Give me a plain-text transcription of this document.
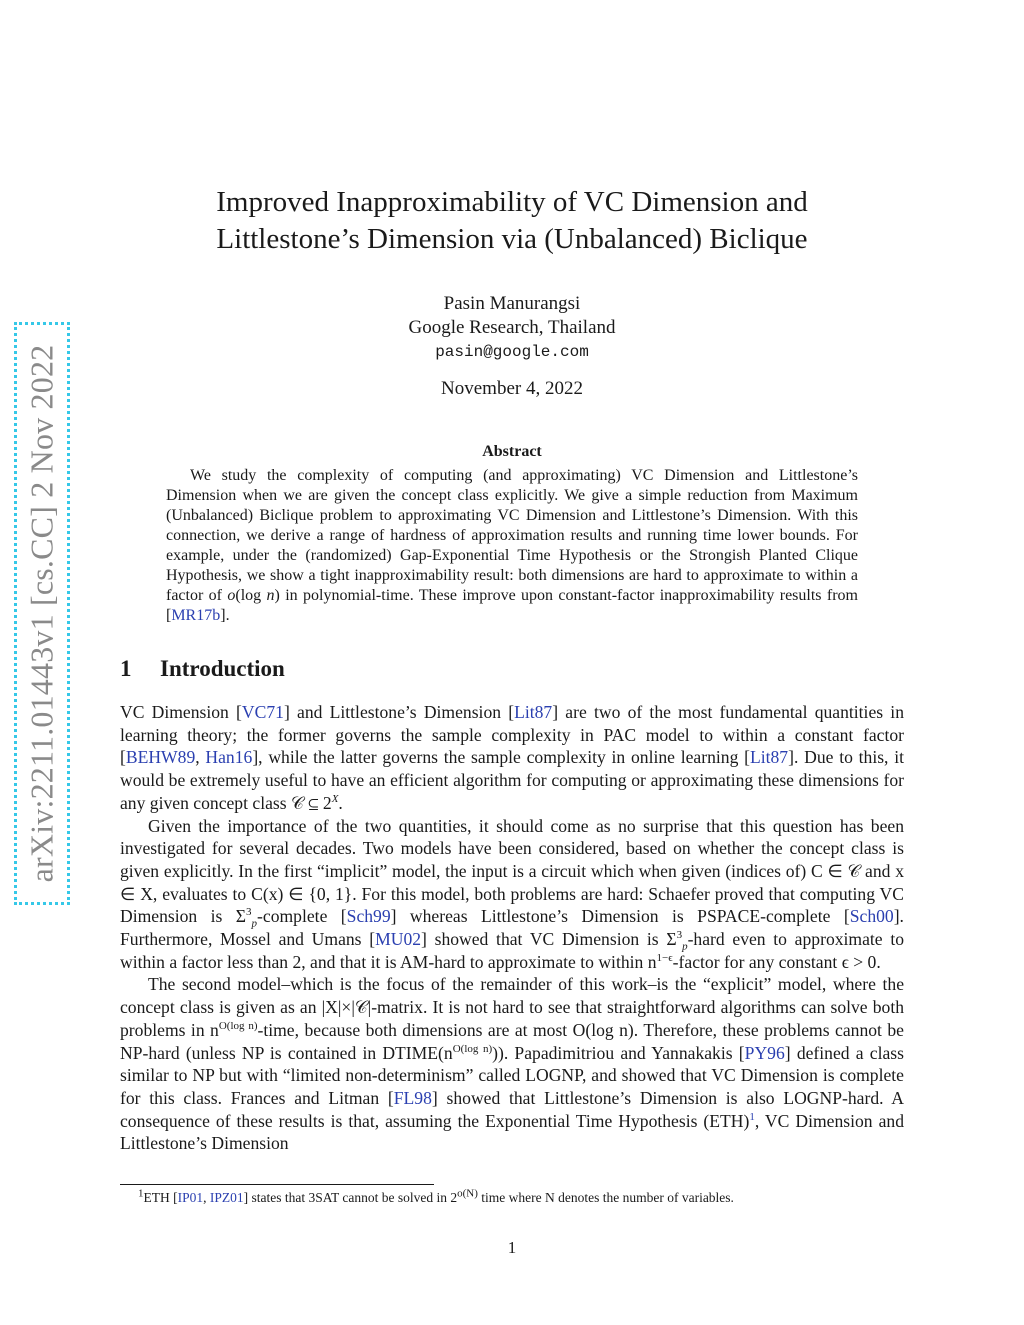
arXiv:2211.01443v1 [cs.CC] 2 Nov 2022
Improved Inapproximability of VC Dimension and
Littlestone’s Dimension via (Unbalanced) Biclique
Pasin Manurangsi
Google Research, Thailand
pasin@google.com
November 4, 2022
Abstract

We study the complexity of computing (and approximating) VC Dimension and Littlestone’s Dimension when we are given the concept class explicitly. We give a simple reduction from Maximum (Unbalanced) Biclique problem to approximating VC Dimension and Littlestone’s Dimension. With this connection, we derive a range of hardness of approximation results and running time lower bounds. For example, under the (randomized) Gap-Exponential Time Hypothesis or the Strongish Planted Clique Hypothesis, we show a tight inapproximability result: both dimensions are hard to approximate to within a factor of o(log n) in polynomial-time. These improve upon constant-factor inapproximability results from [MR17b].

1 Introduction

VC Dimension [VC71] and Littlestone’s Dimension [Lit87] are two of the most fundamental quantities in learning theory; the former governs the sample complexity in PAC model to within a constant factor [BEHW89, Han16], while the latter governs the sample complexity in online learning [Lit87]. Due to this, it would be extremely useful to have an efficient algorithm for computing or approximating these dimensions for any given concept class 𝒞 ⊆ $2^X$.

Given the importance of the two quantities, it should come as no surprise that this question has been investigated for several decades. Two models have been considered, based on whether the concept class is given explicitly. In the first “implicit” model, the input is a circuit which when given (indices of) C ∈ 𝒞 and x ∈ X, evaluates to C(x) ∈ {0, 1}. For this model, both problems are hard: Schaefer proved that computing VC Dimension is $\Sigma^3_p$-complete [Sch99] whereas Littlestone’s Dimension is PSPACE-complete [Sch00]. Furthermore, Mossel and Umans [MU02] showed that VC Dimension is $\Sigma^3_p$-hard even to approximate to within a factor less than 2, and that it is AM-hard to approximate to within $n^{1-\epsilon}$-factor for any constant ϵ > 0.

The second model–which is the focus of the remainder of this work–is the “explicit” model, where the concept class is given as an |X|×|𝒞|-matrix. It is not hard to see that straightforward algorithms can solve both problems in $n^{O(log n)}$-time, because both dimensions are at most O(log n). Therefore, these problems cannot be NP-hard (unless NP is contained in $DTIME(n^{O(log n)})$). Papadimitriou and Yannakakis [PY96] defined a class similar to NP but with “limited non-determinism” called LOGNP, and showed that VC Dimension is complete for this class. Frances and Litman [FL98] showed that Littlestone’s Dimension is also LOGNP-hard. A consequence of these results is that, assuming the Exponential Time Hypothesis (ETH)$^1$, VC Dimension and Littlestone’s Dimension

$^1$ETH [IP01, IPZ01] states that 3SAT cannot be solved in $2^{o(N)}$ time where N denotes the number of variables.
1
